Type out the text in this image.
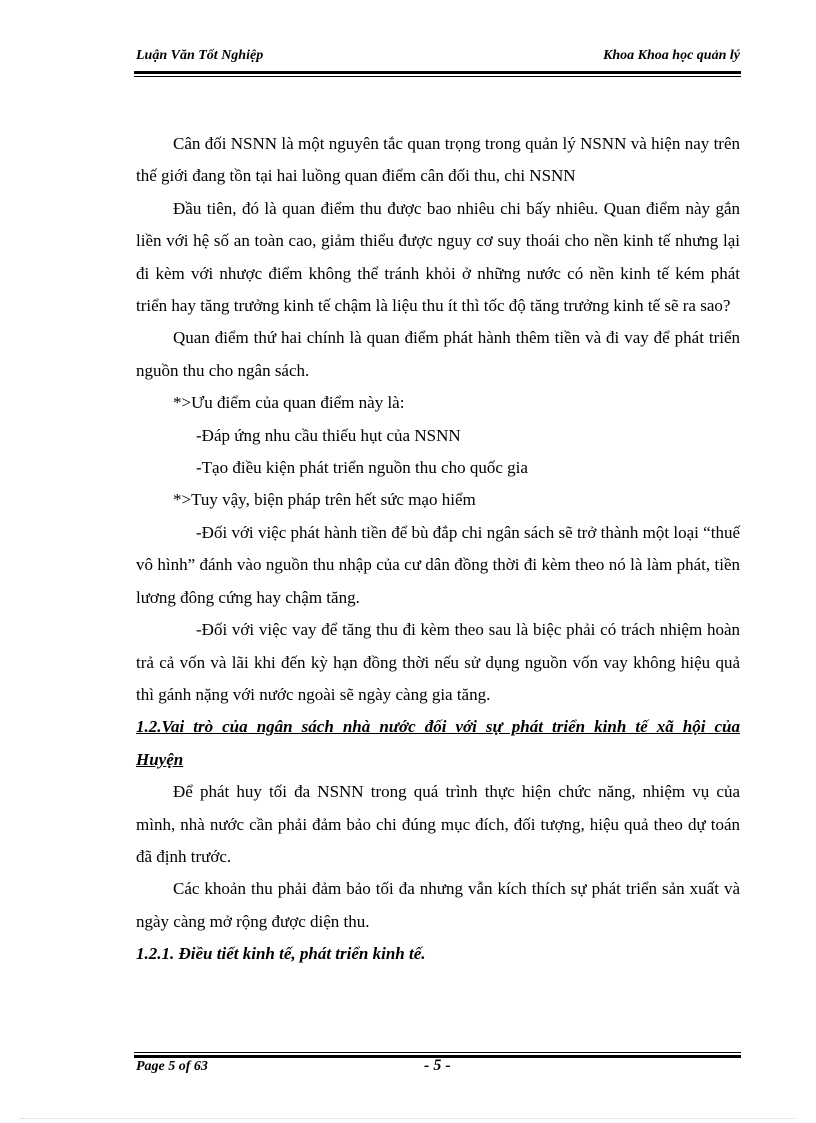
Luận Văn Tốt Nghiệp	Khoa Khoa học quản lý

Cân đối NSNN là một nguyên tắc quan trọng trong quản lý NSNN và hiện nay trên thế giới đang tồn tại hai luồng quan điểm cân đối thu, chi NSNN

Đầu tiên, đó là quan điểm thu được bao nhiêu chi bấy nhiêu. Quan điểm này gắn liền với hệ số an toàn cao, giảm thiểu được nguy cơ suy thoái cho nền kinh tế nhưng lại đi kèm với nhược điểm không thể tránh khỏi ở những nước có nền kinh tế kém phát triển hay tăng trưởng kinh tế chậm là liệu thu ít thì tốc độ tăng trưởng kinh tế sẽ ra sao?

Quan điểm thứ hai chính là quan điểm phát hành thêm tiền và đi vay để phát triển nguồn thu cho ngân sách.

*>Ưu điểm của quan điểm này là:

-Đáp ứng nhu cầu thiếu hụt của NSNN

-Tạo điều kiện phát triển nguồn thu cho quốc gia

*>Tuy vậy, biện pháp trên hết sức mạo hiểm

-Đối với việc phát hành tiền để bù đắp chi ngân sách sẽ trở thành một loại “thuế vô hình” đánh vào nguồn thu nhập của cư dân đồng thời đi kèm theo nó là làm phát, tiền lương đông cứng hay chậm tăng.

-Đối với việc vay để tăng thu đi kèm theo sau là biệc phải có trách nhiệm hoàn trả cả vốn và lãi khi đến kỳ hạn đồng thời nếu sử dụng nguồn vốn vay không hiệu quả thì gánh nặng với nước ngoài sẽ ngày càng gia tăng.

1.2.Vai trò của ngân sách nhà nước đối với sự phát triển kinh tế xã hội của

Huyện

Để phát huy tối đa NSNN trong quá trình thực hiện chức năng, nhiệm vụ của mình, nhà nước cần phải đảm bảo chi đúng mục đích, đối tượng, hiệu quả theo dự toán đã định trước.

Các khoản thu phải đảm bảo tối đa nhưng vẫn kích thích sự phát triển sản xuất và ngày càng mở rộng được diện thu.

1.2.1. Điều tiết kinh tế, phát triển kinh tế.

Page 5 of 63	- 5 -
